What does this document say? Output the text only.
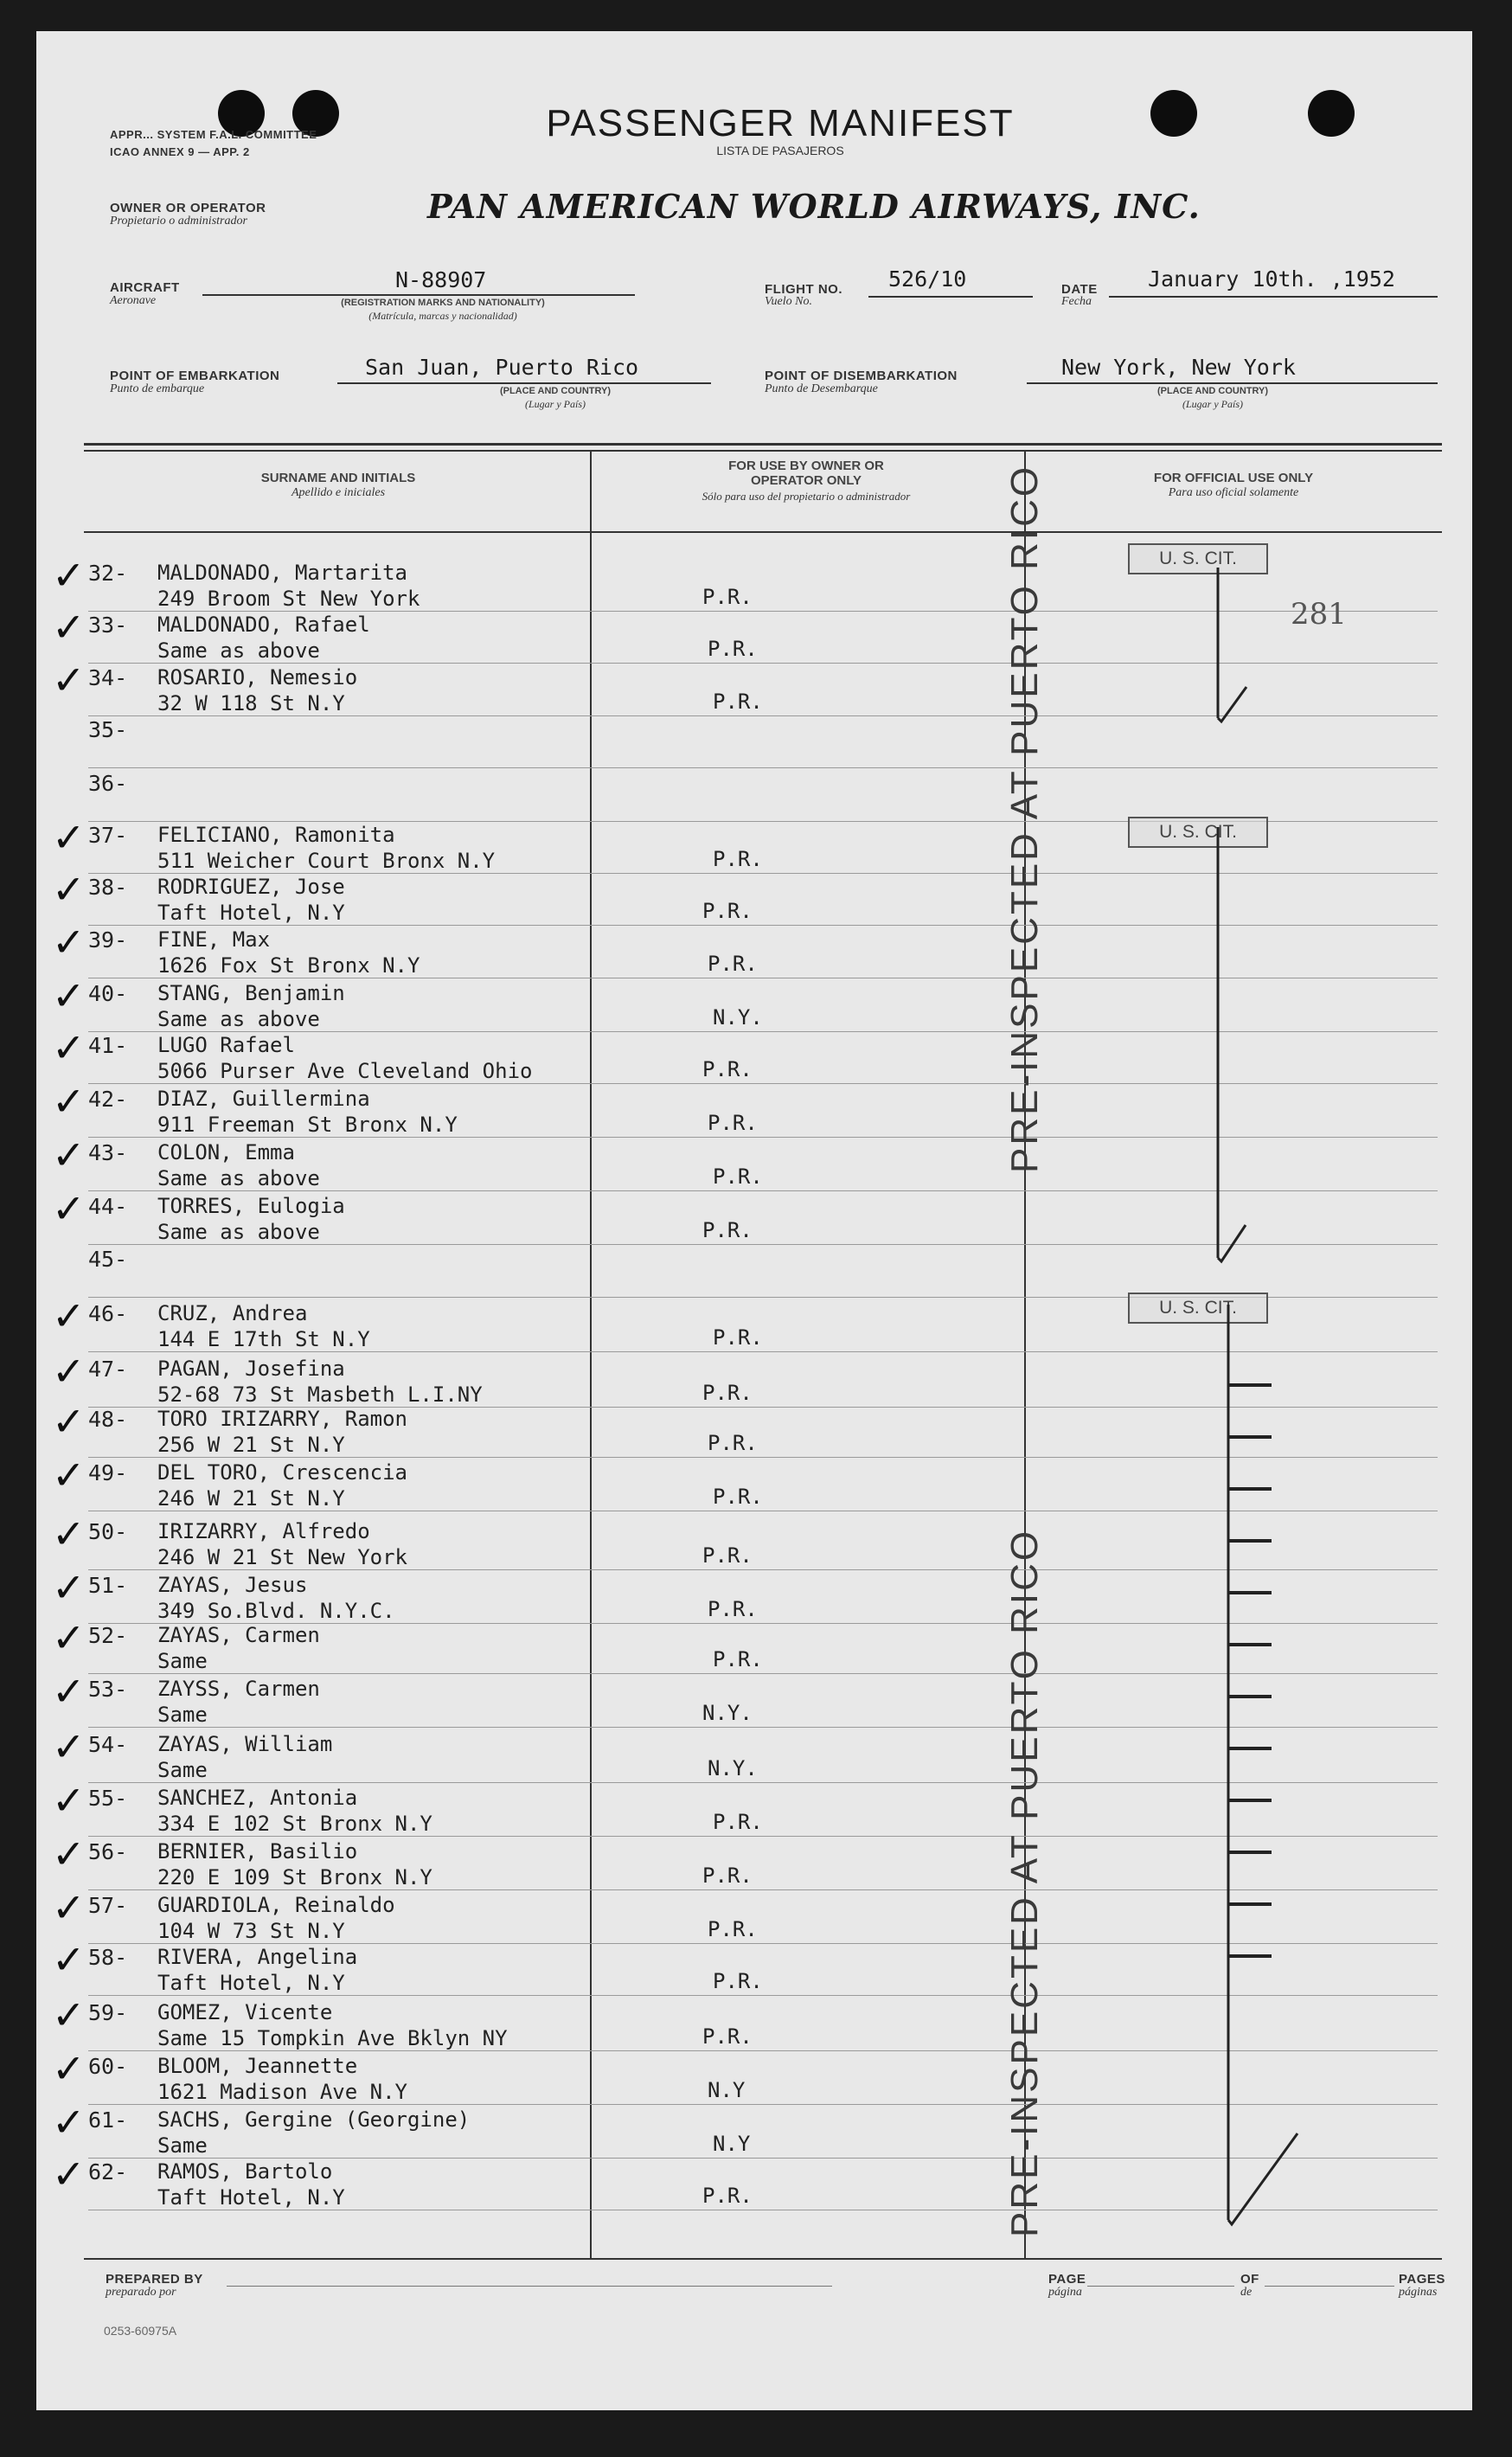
APPR... SYSTEM F.A.L. COMMITTEE
ICAO ANNEX 9 — APP. 2
PASSENGER MANIFEST
LISTA DE PASAJEROS
OWNER OR OPERATOR
Propietario o administrador	PAN AMERICAN WORLD AIRWAYS, INC.
AIRCRAFT
Aeronave
N-88907
(REGISTRATION MARKS AND NATIONALITY)
(Matrícula, marcas y nacionalidad)
FLIGHT NO.
Vuelo No.
526/10	DATE
Fecha
January 10th. ,1952
POINT OF EMBARKATION
Punto de embarque
San Juan, Puerto Rico
(PLACE AND COUNTRY)
(Lugar y País)
POINT OF DISEMBARKATION
Punto de Desembarque
New York, New York
(PLACE AND COUNTRY)
(Lugar y País)
SURNAME AND INITIALS
Apellido e iniciales
FOR USE BY OWNER OR OPERATOR ONLY
Sólo para uso del propietario o administrador
FOR OFFICIAL USE ONLY
Para uso oficial solamente
32-	MALDONADO, Martarita
249 Broom St New York	P.R.
✓
33-	MALDONADO, Rafael
Same as above	P.R.
✓
34-	ROSARIO, Nemesio
32 W 118 St N.Y	P.R.
✓
35-
36-
37-	FELICIANO, Ramonita
511 Weicher Court Bronx N.Y	P.R.
✓
38-	RODRIGUEZ, Jose
Taft Hotel, N.Y	P.R.
✓
39-	FINE, Max
1626 Fox St Bronx N.Y	P.R.
✓
40-	STANG, Benjamin
Same as above	N.Y.
✓
41-	LUGO Rafael
5066 Purser Ave Cleveland Ohio	P.R.
✓
42-	DIAZ, Guillermina
911 Freeman St Bronx N.Y	P.R.
✓
43-	COLON, Emma
Same as above	P.R.
✓
44-	TORRES, Eulogia
Same as above	P.R.
✓
45-
46-	CRUZ, Andrea
144 E 17th St N.Y	P.R.
✓
47-	PAGAN, Josefina
52-68 73 St Masbeth L.I.NY	P.R.
✓
48-	TORO IRIZARRY, Ramon
256 W 21 St N.Y	P.R.
✓
49-	DEL TORO, Crescencia
246 W 21 St N.Y	P.R.
✓
50-	IRIZARRY, Alfredo
246 W 21 St New York	P.R.
✓
51-	ZAYAS, Jesus
349 So.Blvd. N.Y.C.	P.R.
✓
52-	ZAYAS, Carmen
Same	P.R.
✓
53-	ZAYSS, Carmen
Same	N.Y.
✓
54-	ZAYAS, William
Same	N.Y.
✓
55-	SANCHEZ, Antonia
334 E 102 St Bronx N.Y	P.R.
✓
56-	BERNIER, Basilio
220 E 109 St Bronx N.Y	P.R.
✓
57-	GUARDIOLA, Reinaldo
104 W 73 St N.Y	P.R.
✓
58-	RIVERA, Angelina
Taft Hotel, N.Y	P.R.
✓
59-	GOMEZ, Vicente
Same 15 Tompkin Ave Bklyn NY	P.R.
✓
60-	BLOOM, Jeannette
1621 Madison Ave N.Y	N.Y
✓
61-	SACHS, Gergine (Georgine)
Same	N.Y
✓
62-	RAMOS, Bartolo
Taft Hotel, N.Y	P.R.
✓
U. S. CIT.
U. S. CIT.
U. S. CIT.
281
PRE-INSPECTED AT PUERTO RICO
PRE-INSPECTED AT PUERTO RICO
PREPARED BY
preparado por
PAGE
página
OF
de
PAGES
páginas
0253-60975A
